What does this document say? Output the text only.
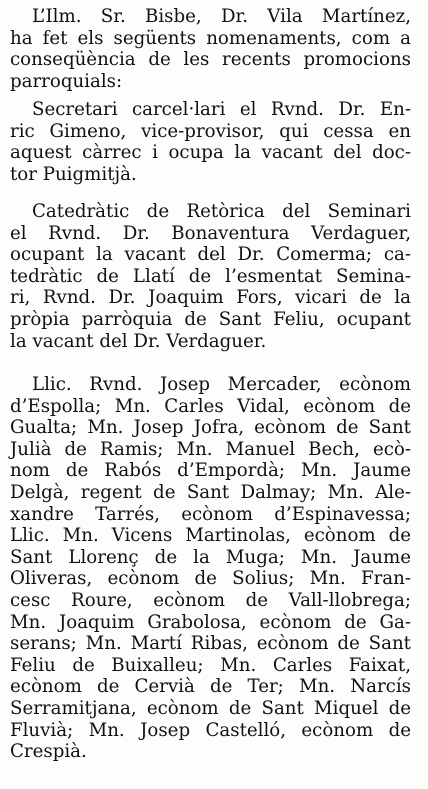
L’Ilm. Sr. Bisbe, Dr. Vila Martínez,
ha fet els següents nomenaments, com a
conseqüència de les recents promocions
parroquials:
Secretari carcel·lari el Rvnd. Dr. En-
ric Gimeno, vice-provisor, qui cessa en
aquest càrrec i ocupa la vacant del doc-
tor Puigmitjà.
Catedràtic de Retòrica del Seminari
el Rvnd. Dr. Bonaventura Verdaguer,
ocupant la vacant del Dr. Comerma; ca-
tedràtic de Llatí de l’esmentat Semina-
ri, Rvnd. Dr. Joaquim Fors, vicari de la
pròpia parròquia de Sant Feliu, ocupant
la vacant del Dr. Verdaguer.
Llic. Rvnd. Josep Mercader, ecònom
d’Espolla; Mn. Carles Vidal, ecònom de
Gualta; Mn. Josep Jofra, ecònom de Sant
Julià de Ramis; Mn. Manuel Bech, ecò-
nom de Rabós d’Empordà; Mn. Jaume
Delgà, regent de Sant Dalmay; Mn. Ale-
xandre Tarrés, ecònom d’Espinavessa;
Llic. Mn. Vicens Martinolas, ecònom de
Sant Llorenç de la Muga; Mn. Jaume
Oliveras, ecònom de Solius; Mn. Fran-
cesc Roure, ecònom de Vall-llobrega;
Mn. Joaquim Grabolosa, ecònom de Ga-
serans; Mn. Martí Ribas, ecònom de Sant
Feliu de Buixalleu; Mn. Carles Faixat,
ecònom de Cervià de Ter; Mn. Narcís
Serramitjana, ecònom de Sant Miquel de
Fluvià; Mn. Josep Castelló, ecònom de
Crespià.
